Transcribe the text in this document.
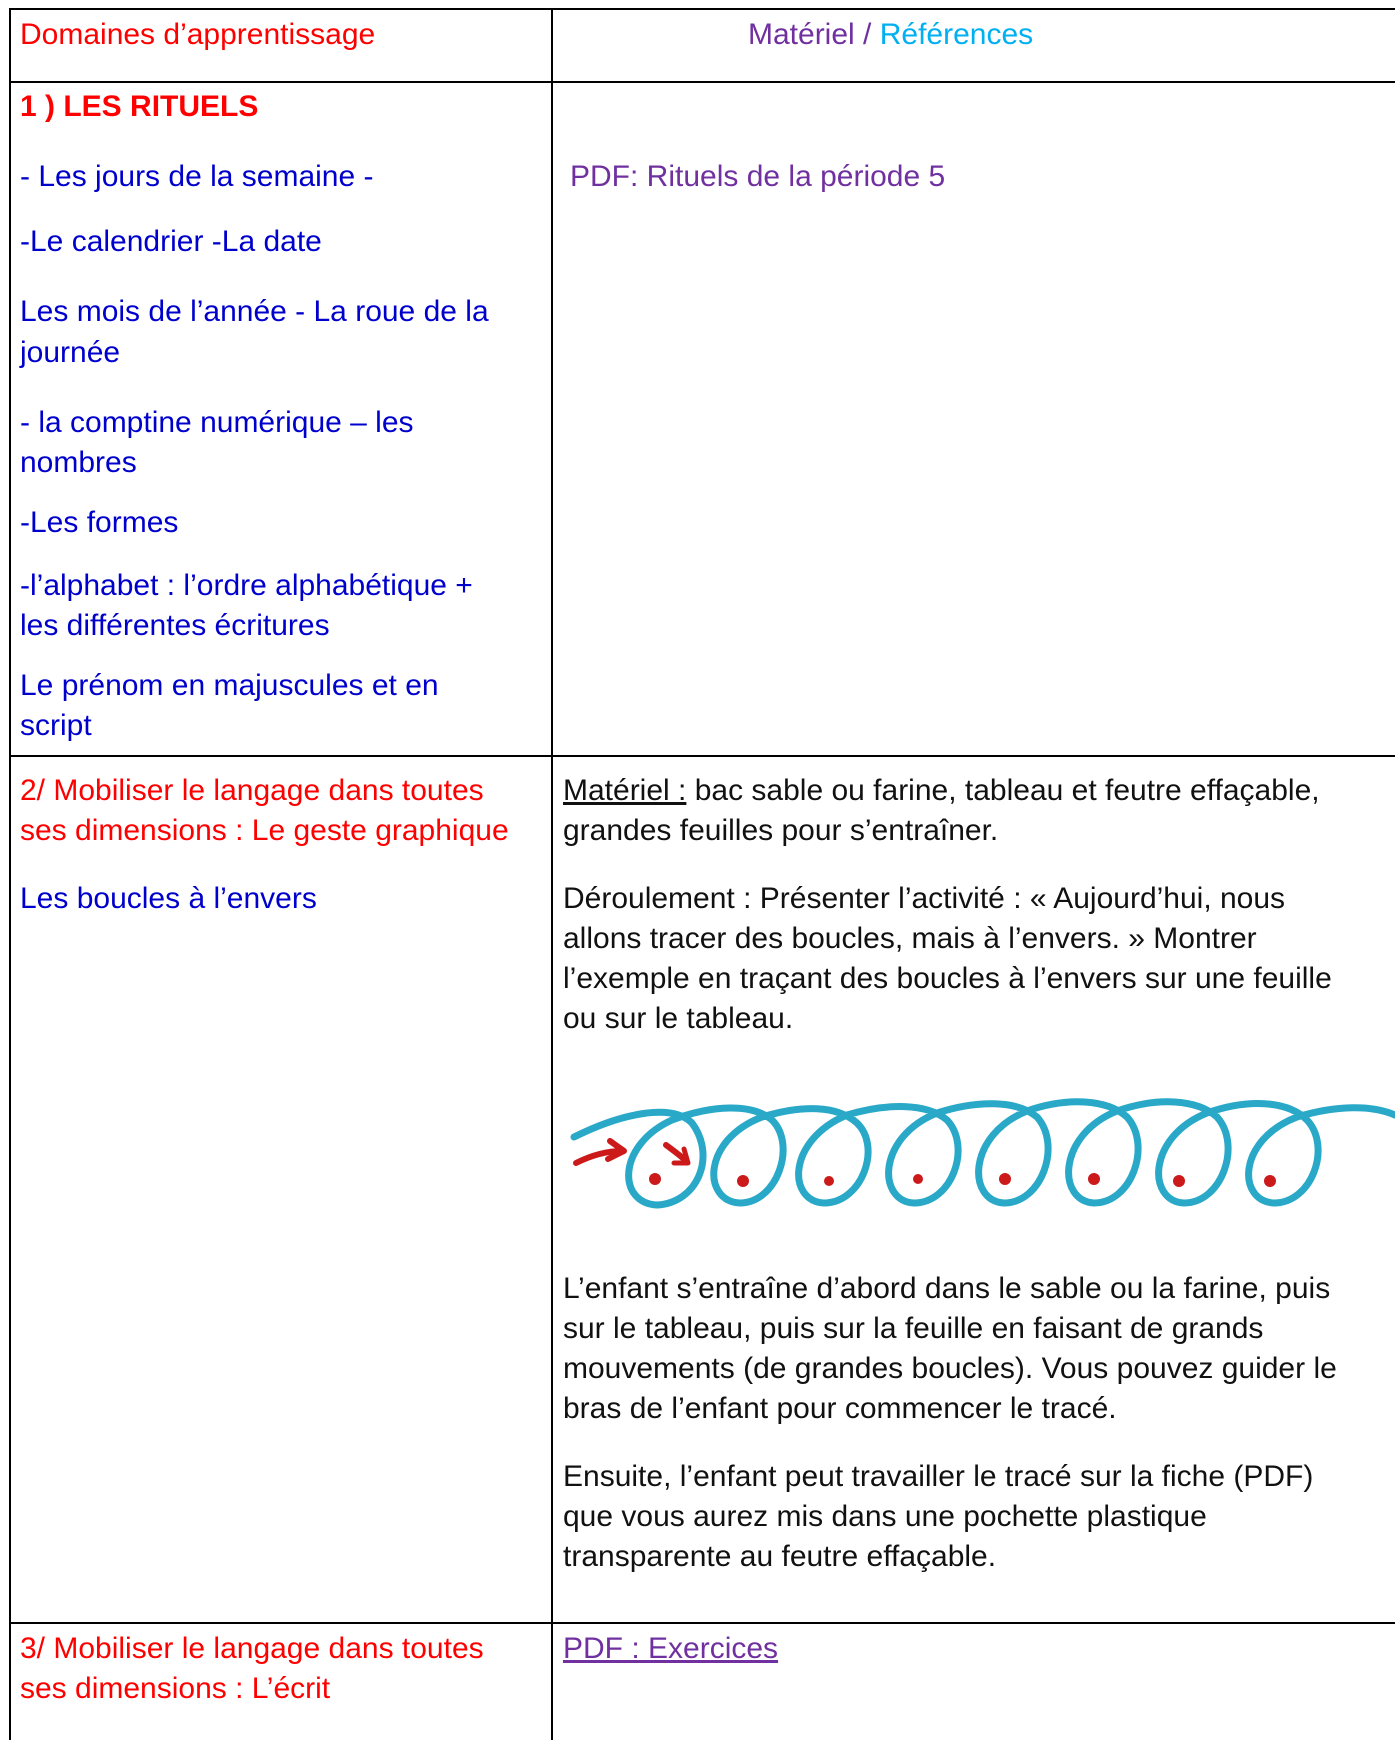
Domaines d’apprentissage	Matériel / Références

1 ) LES RITUELS

- Les jours de la semaine -

-Le calendrier -La date

Les mois de l’année - La roue de la

journée

- la comptine numérique – les

nombres

-Les formes

-l’alphabet : l’ordre alphabétique +

les différentes écritures

Le prénom en majuscules et en

script

PDF: Rituels de la période 5

2/ Mobiliser le langage dans toutes

ses dimensions : Le geste graphique

Les boucles à l’envers

Matériel : bac sable ou farine, tableau et feutre effaçable,

grandes feuilles pour s’entraîner.

Déroulement : Présenter l’activité : « Aujourd’hui, nous

allons tracer des boucles, mais à l’envers. » Montrer

l’exemple en traçant des boucles à l’envers sur une feuille

ou sur le tableau.

L’enfant s’entraîne d’abord dans le sable ou la farine, puis

sur le tableau, puis sur la feuille en faisant de grands

mouvements (de grandes boucles). Vous pouvez guider le

bras de l’enfant pour commencer le tracé.

Ensuite, l’enfant peut travailler le tracé sur la fiche (PDF)

que vous aurez mis dans une pochette plastique

transparente au feutre effaçable.

3/ Mobiliser le langage dans toutes

ses dimensions : L’écrit

PDF : Exercices
